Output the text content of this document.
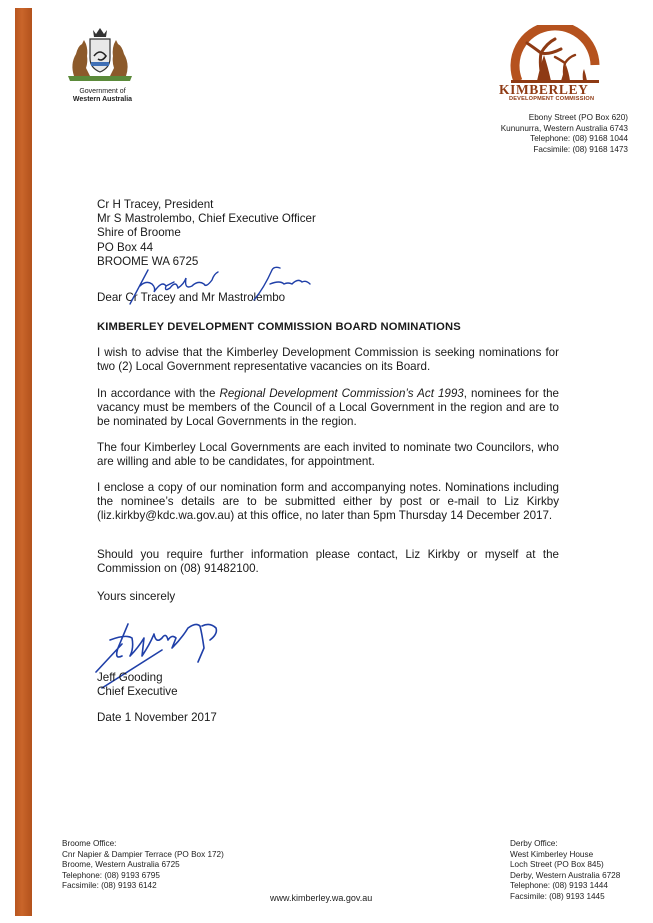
Government of
Western Australia
KIMBERLEY
DEVELOPMENT COMMISSION
Ebony Street (PO Box 620)
Kununurra, Western Australia 6743
Telephone: (08) 9168 1044
Facsimile: (08) 9168 1473
Cr H Tracey, President
Mr S Mastrolembo, Chief Executive Officer
Shire of Broome
PO Box 44
BROOME WA 6725
Dear Cr Tracey and Mr Mastrolembo
KIMBERLEY DEVELOPMENT COMMISSION BOARD NOMINATIONS

I wish to advise that the Kimberley Development Commission is seeking nominations for two (2) Local Government representative vacancies on its Board.

In accordance with the Regional Development Commission’s Act 1993, nominees for the vacancy must be members of the Council of a Local Government in the region and are to be nominated by Local Governments in the region.

The four Kimberley Local Governments are each invited to nominate two Councilors, who are willing and able to be candidates, for appointment.

I enclose a copy of our nomination form and accompanying notes. Nominations including the nominee’s details are to be submitted either by post or e-mail to Liz Kirkby (liz.kirkby@kdc.wa.gov.au) at this office, no later than 5pm Thursday 14 December 2017.

Should you require further information please contact, Liz Kirkby or myself at the Commission on (08) 91482100.

Yours sincerely
Jeff Gooding
Chief Executive
Date 1 November 2017
Broome Office:
Cnr Napier & Dampier Terrace (PO Box 172)
Broome, Western Australia 6725
Telephone: (08) 9193 6795
Facsimile: (08) 9193 6142
Derby Office:
West Kimberley House
Loch Street (PO Box 845)
Derby, Western Australia 6728
Telephone: (08) 9193 1444
Facsimile: (08) 9193 1445
www.kimberley.wa.gov.au
